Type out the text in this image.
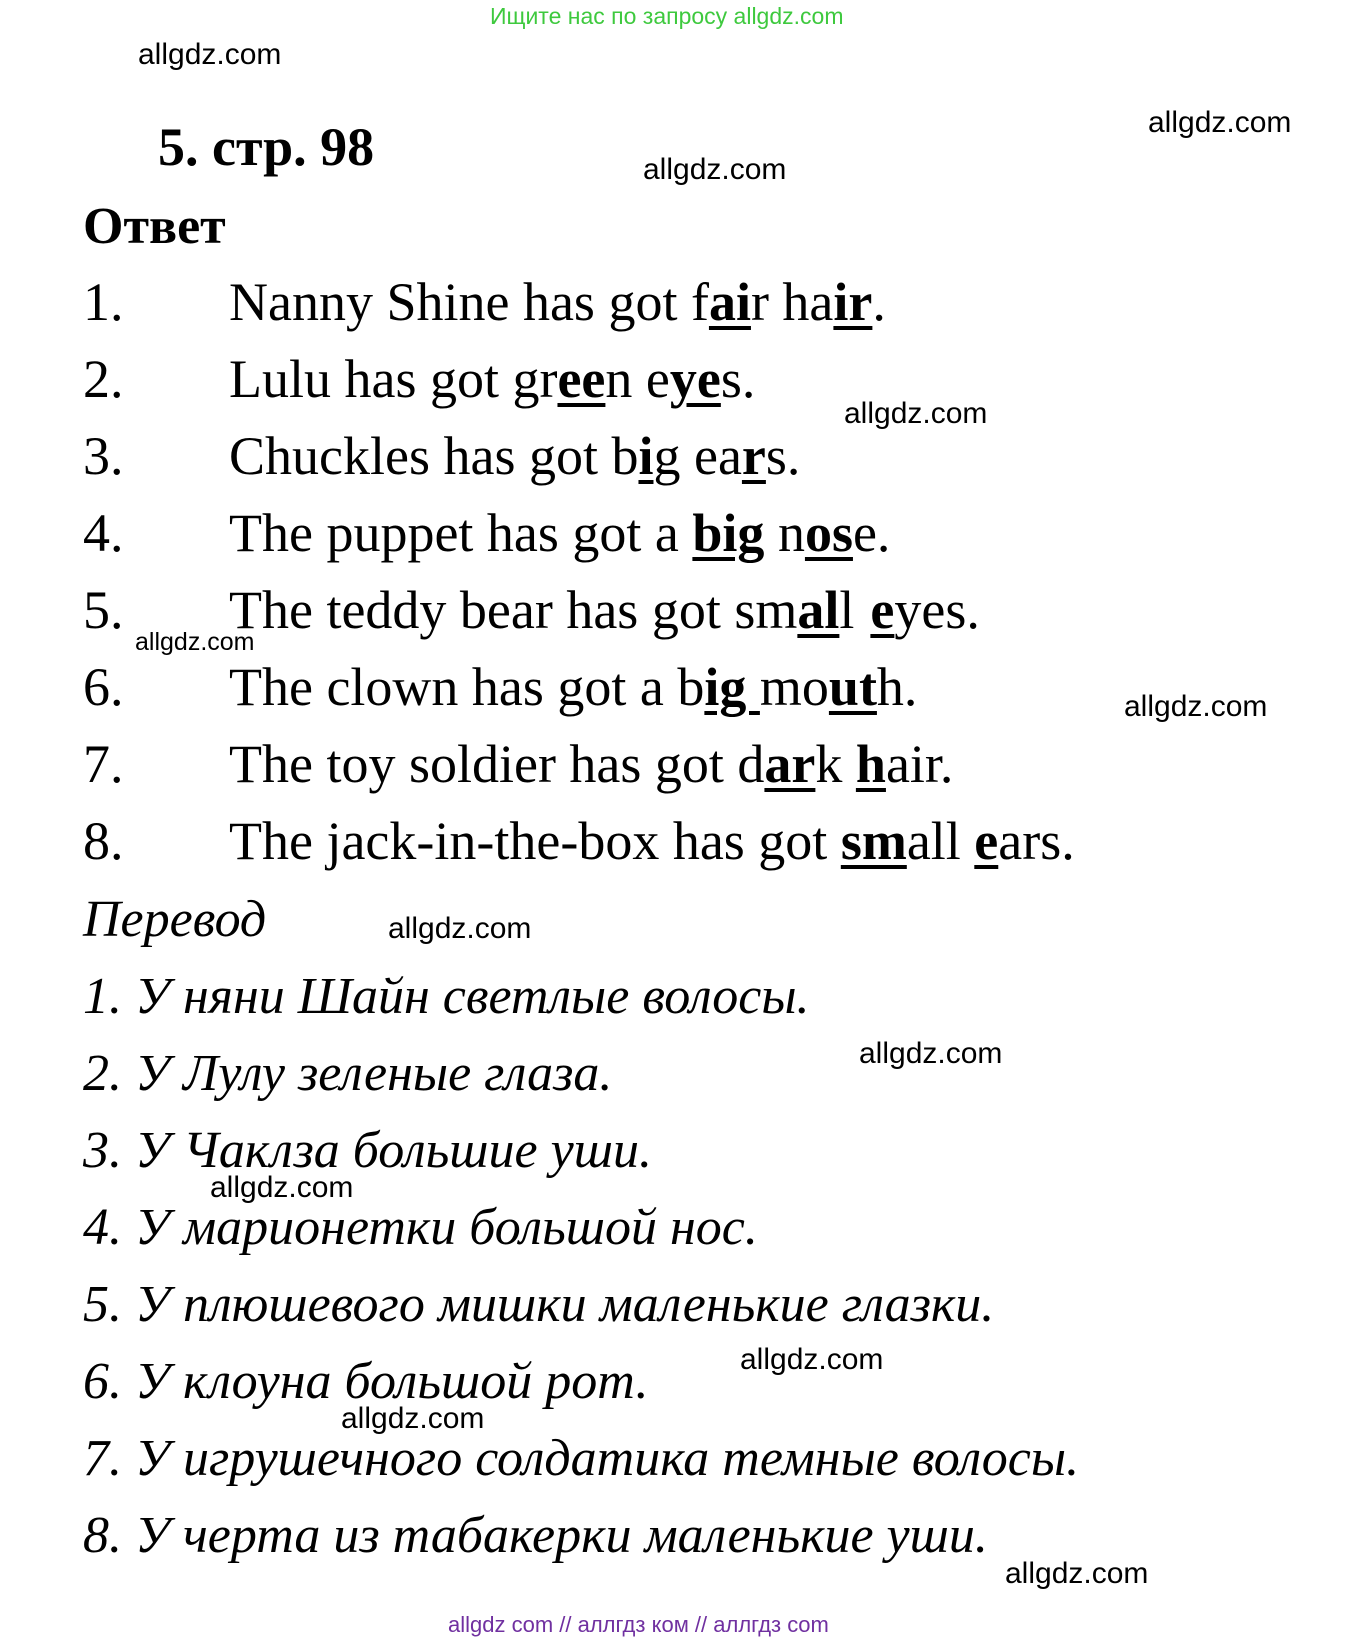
Ищите нас по запросу allgdz.com
allgdz.com
allgdz.com
allgdz.com
allgdz.com
allgdz.com
allgdz.com
allgdz.com
allgdz.com
allgdz.com
allgdz.com
allgdz.com
allgdz.com
5. стр. 98
Ответ
1. Nanny Shine has got fair hair.
2. Lulu has got green eyes.
3. Chuckles has got big ears.
4. The puppet has got a big nose.
5. The teddy bear has got small eyes.
6. The clown has got a big mouth.
7. The toy soldier has got dark hair.
8. The jack-in-the-box has got small ears.
Перевод
1. У няни Шайн светлые волосы.
2. У Лулу зеленые глаза.
3. У Чаклза большие уши.
4. У марионетки большой нос.
5. У плюшевого мишки маленькие глазки.
6. У клоуна большой рот.
7. У игрушечного солдатика темные волосы.
8. У черта из табакерки маленькие уши.
allgdz com // аллгдз ком // аллгдз com
